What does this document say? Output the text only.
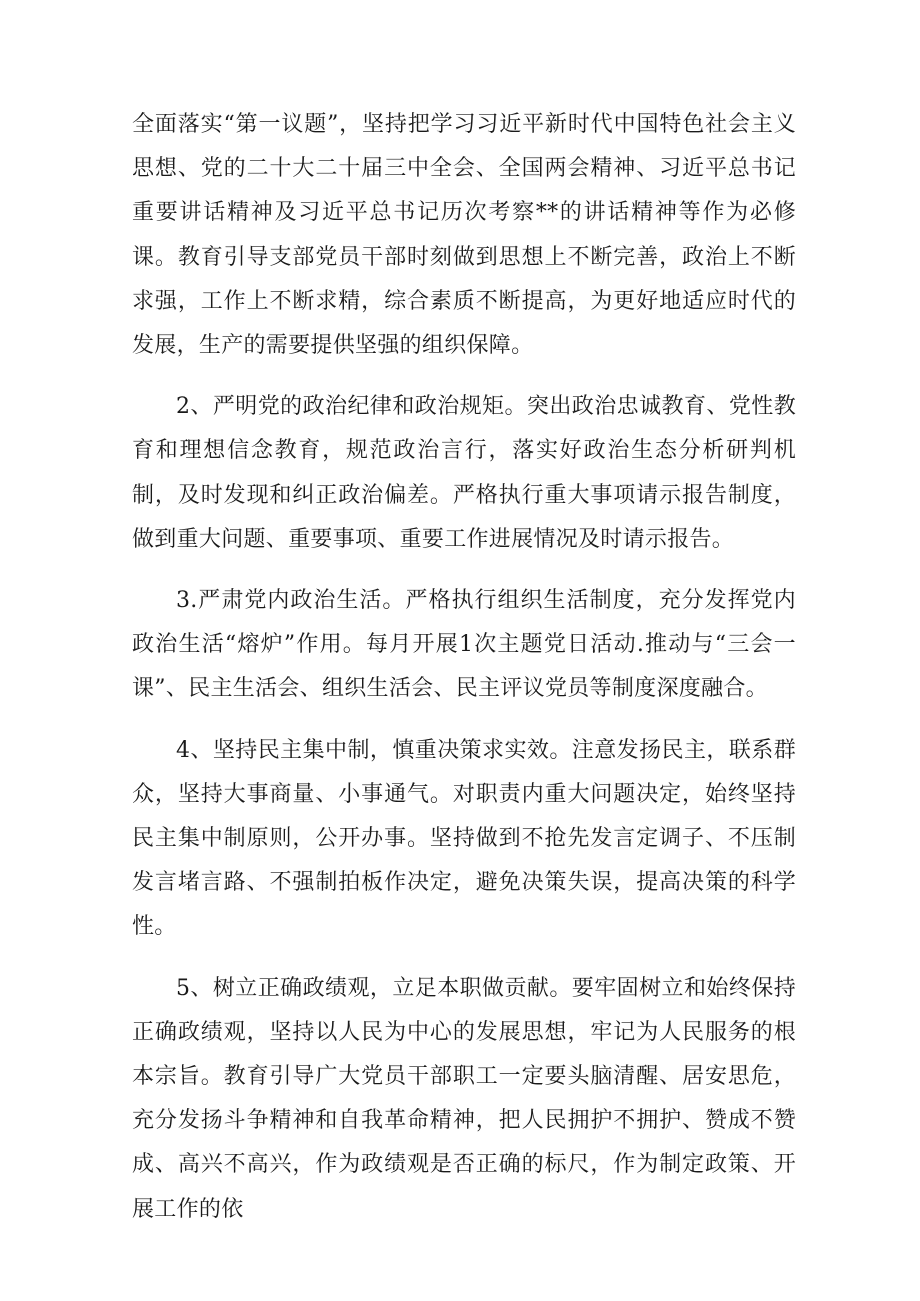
全面落实“第一议题”，坚持把学习习近平新时代中国特色社会主义思想、党的二十大二十届三中全会、全国两会精神、习近平总书记重要讲话精神及习近平总书记历次考察**的讲话精神等作为必修课。教育引导支部党员干部时刻做到思想上不断完善，政治上不断求强，工作上不断求精，综合素质不断提高，为更好地适应时代的发展，生产的需要提供坚强的组织保障。

2、严明党的政治纪律和政治规矩。突出政治忠诚教育、党性教育和理想信念教育，规范政治言行，落实好政治生态分析研判机制，及时发现和纠正政治偏差。严格执行重大事项请示报告制度，做到重大问题、重要事项、重要工作进展情况及时请示报告。

3.严肃党内政治生活。严格执行组织生活制度，充分发挥党内政治生活“熔炉”作用。每月开展1次主题党日活动.推动与“三会一课”、民主生活会、组织生活会、民主评议党员等制度深度融合。

4、坚持民主集中制，慎重决策求实效。注意发扬民主，联系群众，坚持大事商量、小事通气。对职责内重大问题决定，始终坚持民主集中制原则，公开办事。坚持做到不抢先发言定调子、不压制发言堵言路、不强制拍板作决定，避免决策失误，提高决策的科学性。

5、树立正确政绩观，立足本职做贡献。要牢固树立和始终保持正确政绩观，坚持以人民为中心的发展思想，牢记为人民服务的根本宗旨。教育引导广大党员干部职工一定要头脑清醒、居安思危，充分发扬斗争精神和自我革命精神，把人民拥护不拥护、赞成不赞成、高兴不高兴，作为政绩观是否正确的标尺，作为制定政策、开展工作的依
